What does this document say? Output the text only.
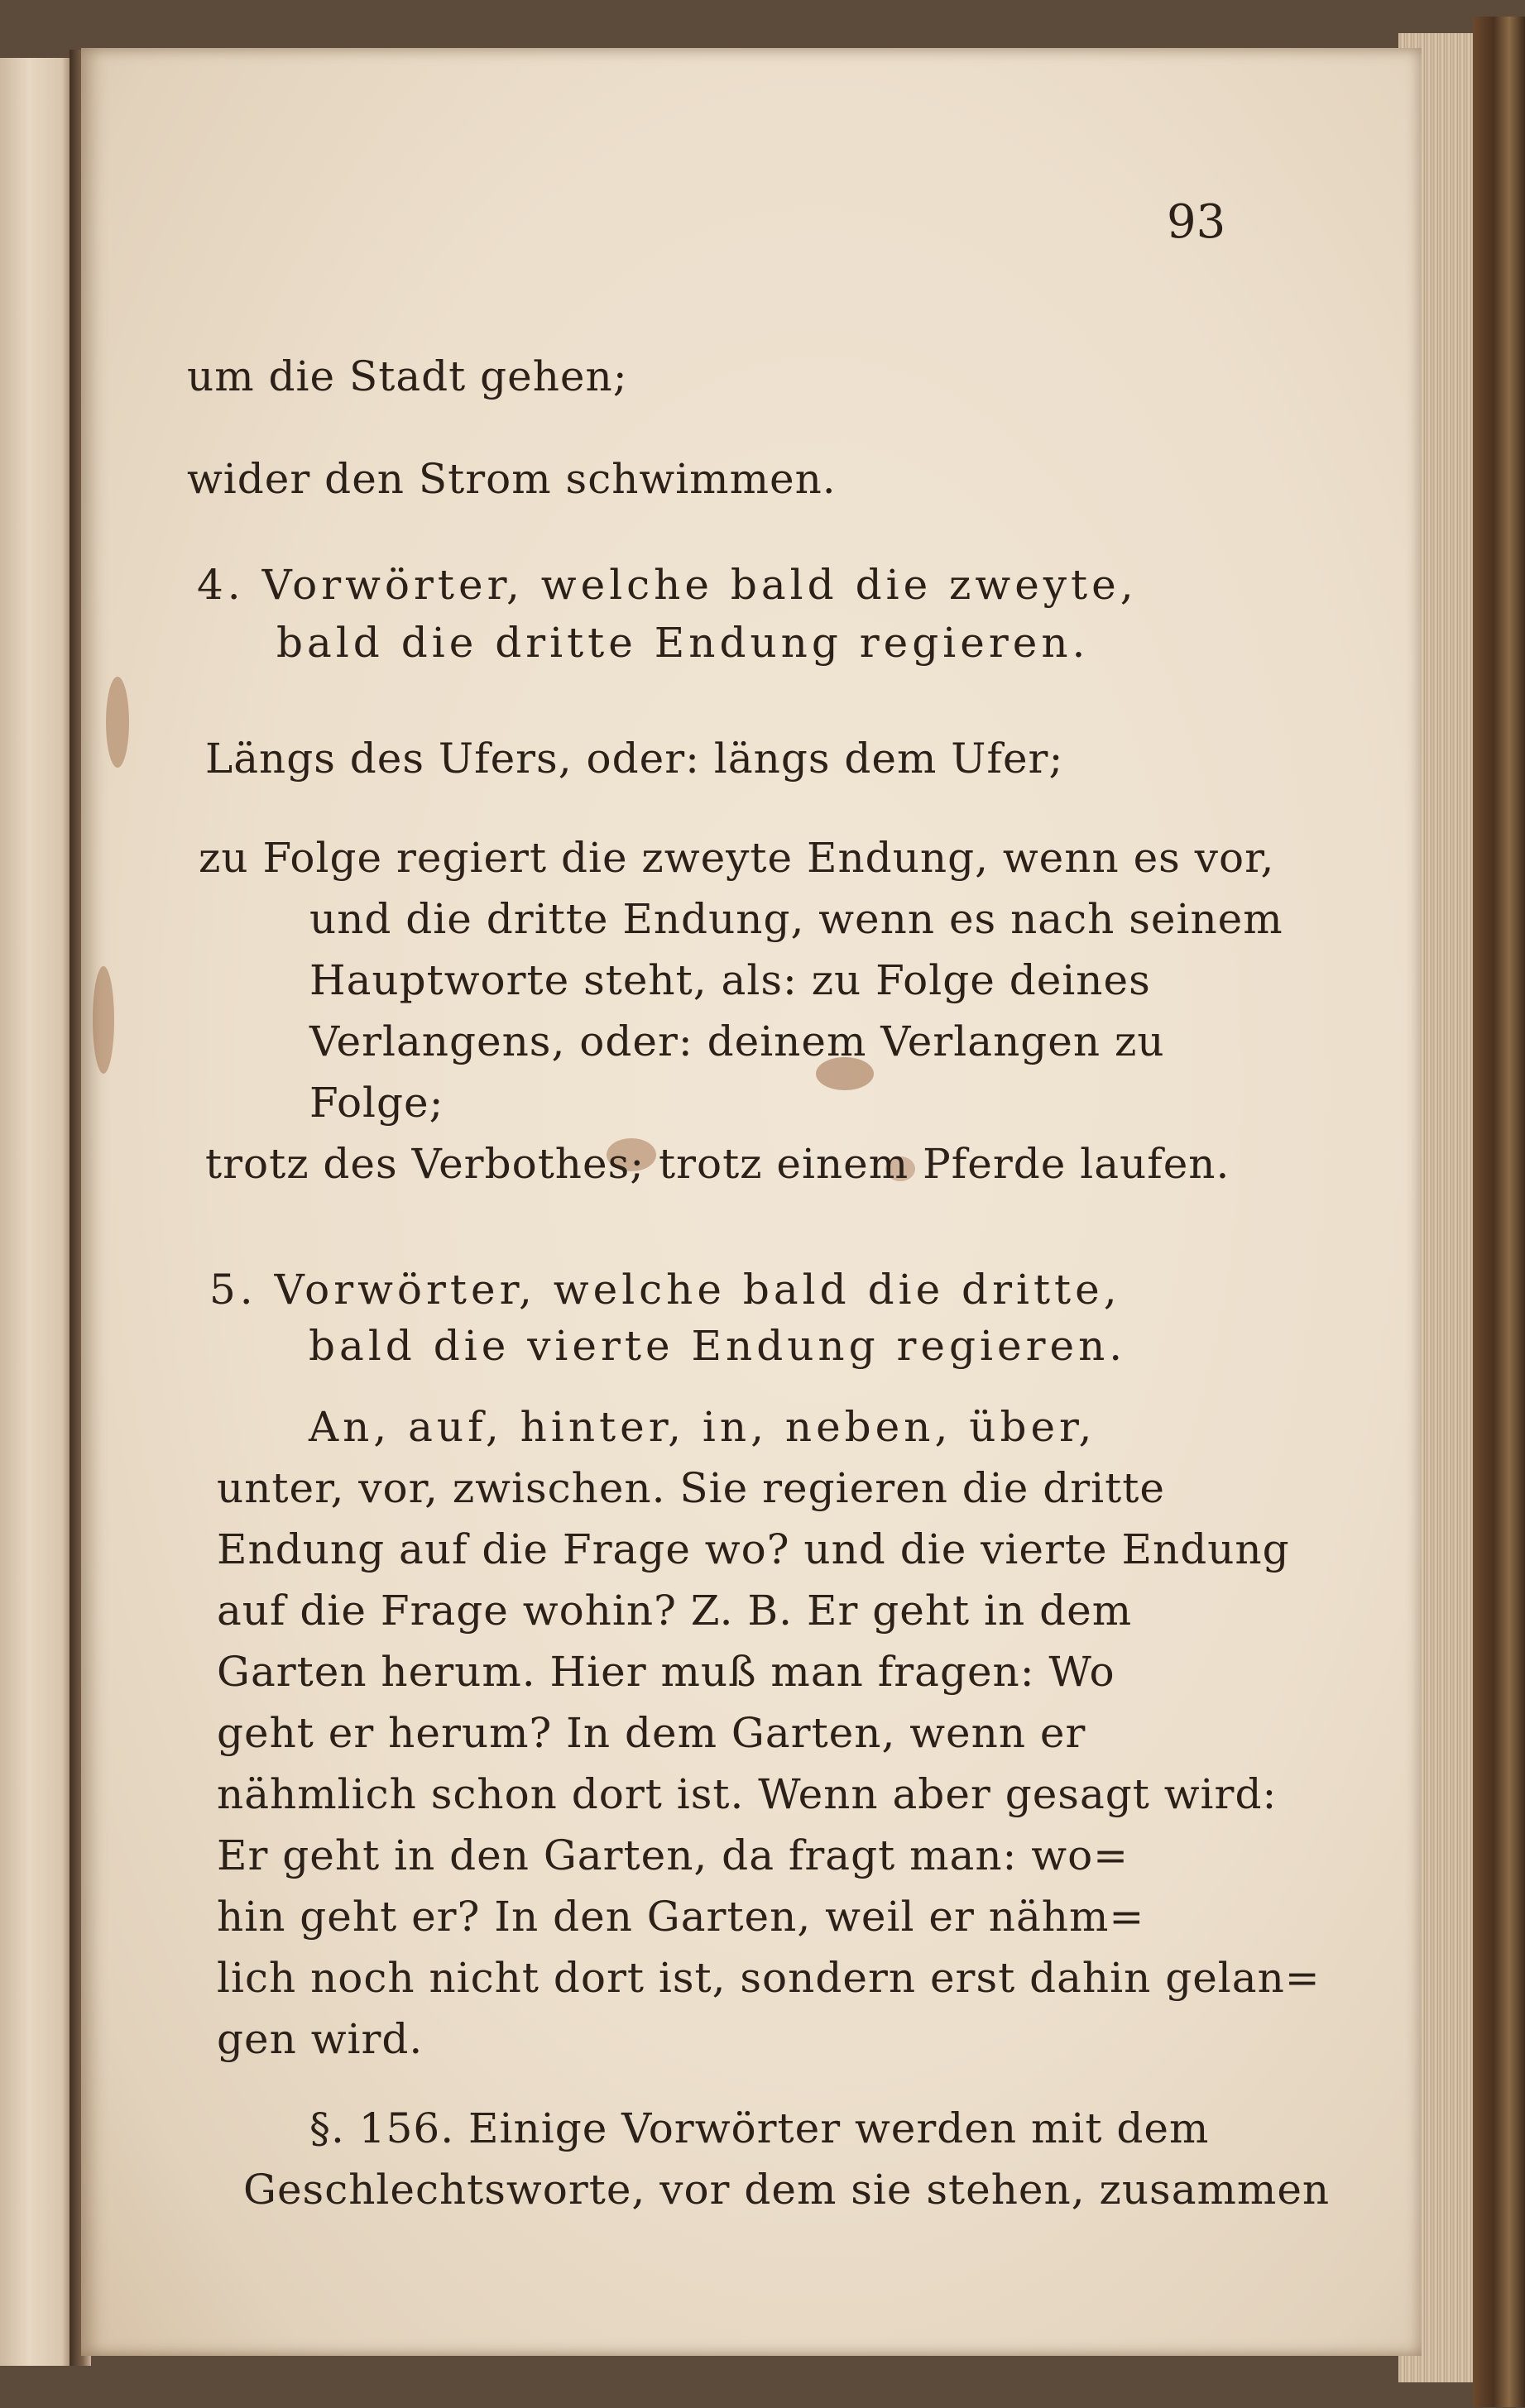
93
um die Stadt gehen;
wider den Strom schwimmen.
4. Vorwörter, welche bald die zweyte,
bald die dritte Endung regieren.
Längs des Ufers, oder: längs dem Ufer;
zu Folge regiert die zweyte Endung, wenn es vor,
und die dritte Endung, wenn es nach seinem
Hauptworte steht, als: zu Folge deines
Verlangens, oder: deinem Verlangen zu
Folge;
trotz des Verbothes; trotz einem Pferde laufen.
5. Vorwörter, welche bald die dritte,
bald die vierte Endung regieren.
An, auf, hinter, in, neben, über,
unter, vor, zwischen. Sie regieren die dritte
Endung auf die Frage wo? und die vierte Endung
auf die Frage wohin? Z. B. Er geht in dem
Garten herum. Hier muß man fragen: Wo
geht er herum? In dem Garten, wenn er
nähmlich schon dort ist. Wenn aber gesagt wird:
Er geht in den Garten, da fragt man: wo=
hin geht er? In den Garten, weil er nähm=
lich noch nicht dort ist, sondern erst dahin gelan=
gen wird.
§. 156. Einige Vorwörter werden mit dem
Geschlechtsworte, vor dem sie stehen, zusammen
